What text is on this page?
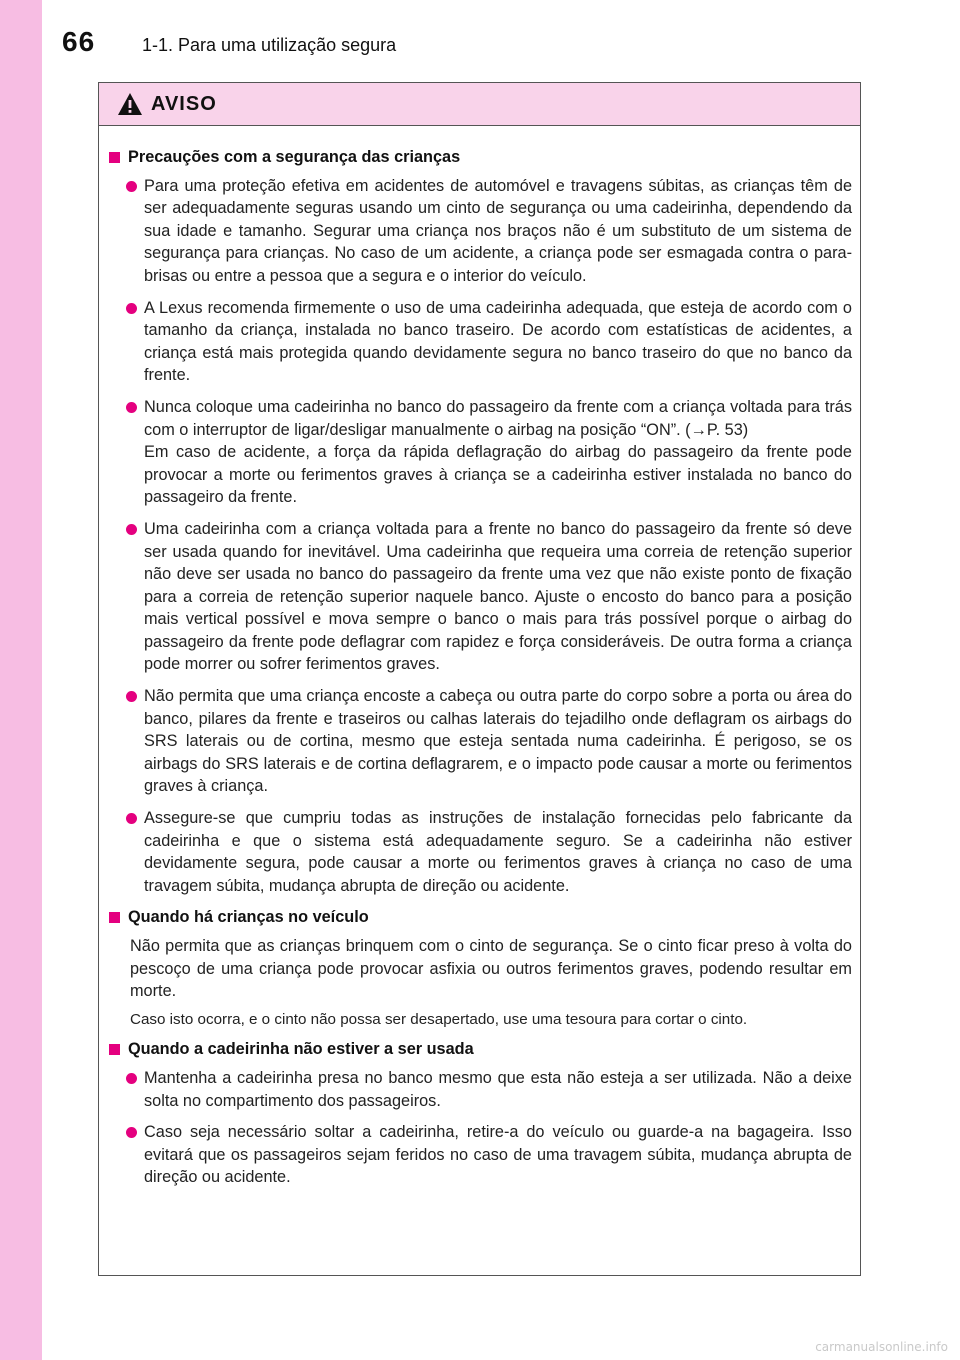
66	1-1. Para uma utilização segura
AVISO
Precauções com a segurança das crianças
Para uma proteção efetiva em acidentes de automóvel e travagens súbitas, as crianças têm de ser adequadamente seguras usando um cinto de segurança ou uma cadeirinha, dependendo da sua idade e tamanho. Segurar uma criança nos braços não é um substituto de um sistema de segurança para crianças. No caso de um acidente, a criança pode ser esmagada contra o para-brisas ou entre a pessoa que a segura e o interior do veículo.
A Lexus recomenda firmemente o uso de uma cadeirinha adequada, que esteja de acordo com o tamanho da criança, instalada no banco traseiro. De acordo com estatísticas de acidentes, a criança está mais protegida quando devidamente segura no banco traseiro do que no banco da frente.
Nunca coloque uma cadeirinha no banco do passageiro da frente com a criança voltada para trás com o interruptor de ligar/desligar manualmente o airbag na posição “ON”. (→P. 53)
Em caso de acidente, a força da rápida deflagração do airbag do passageiro da frente pode provocar a morte ou ferimentos graves à criança se a cadeirinha estiver instalada no banco do passageiro da frente.
Uma cadeirinha com a criança voltada para a frente no banco do passageiro da frente só deve ser usada quando for inevitável. Uma cadeirinha que requeira uma correia de retenção superior não deve ser usada no banco do passageiro da frente uma vez que não existe ponto de fixação para a correia de retenção superior naquele banco. Ajuste o encosto do banco para a posição mais vertical possível e mova sempre o banco o mais para trás possível porque o airbag do passageiro da frente pode deflagrar com rapidez e força consideráveis. De outra forma a criança pode morrer ou sofrer ferimentos graves.
Não permita que uma criança encoste a cabeça ou outra parte do corpo sobre a porta ou área do banco, pilares da frente e traseiros ou calhas laterais do tejadilho onde deflagram os airbags do SRS laterais ou de cortina, mesmo que esteja sentada numa cadeirinha. É perigoso, se os airbags do SRS laterais e de cortina deflagrarem, e o impacto pode causar a morte ou ferimentos graves à criança.
Assegure-se que cumpriu todas as instruções de instalação fornecidas pelo fabricante da cadeirinha e que o sistema está adequadamente seguro. Se a cadeirinha não estiver devidamente segura, pode causar a morte ou ferimentos graves à criança no caso de uma travagem súbita, mudança abrupta de direção ou acidente.
Quando há crianças no veículo
Não permita que as crianças brinquem com o cinto de segurança. Se o cinto ficar preso à volta do pescoço de uma criança pode provocar asfixia ou outros ferimentos graves, podendo resultar em morte.
Caso isto ocorra, e o cinto não possa ser desapertado, use uma tesoura para cortar o cinto.
Quando a cadeirinha não estiver a ser usada
Mantenha a cadeirinha presa no banco mesmo que esta não esteja a ser utilizada. Não a deixe solta no compartimento dos passageiros.
Caso seja necessário soltar a cadeirinha, retire-a do veículo ou guarde-a na bagageira. Isso evitará que os passageiros sejam feridos no caso de uma travagem súbita, mudança abrupta de direção ou acidente.
carmanualsonline.info
